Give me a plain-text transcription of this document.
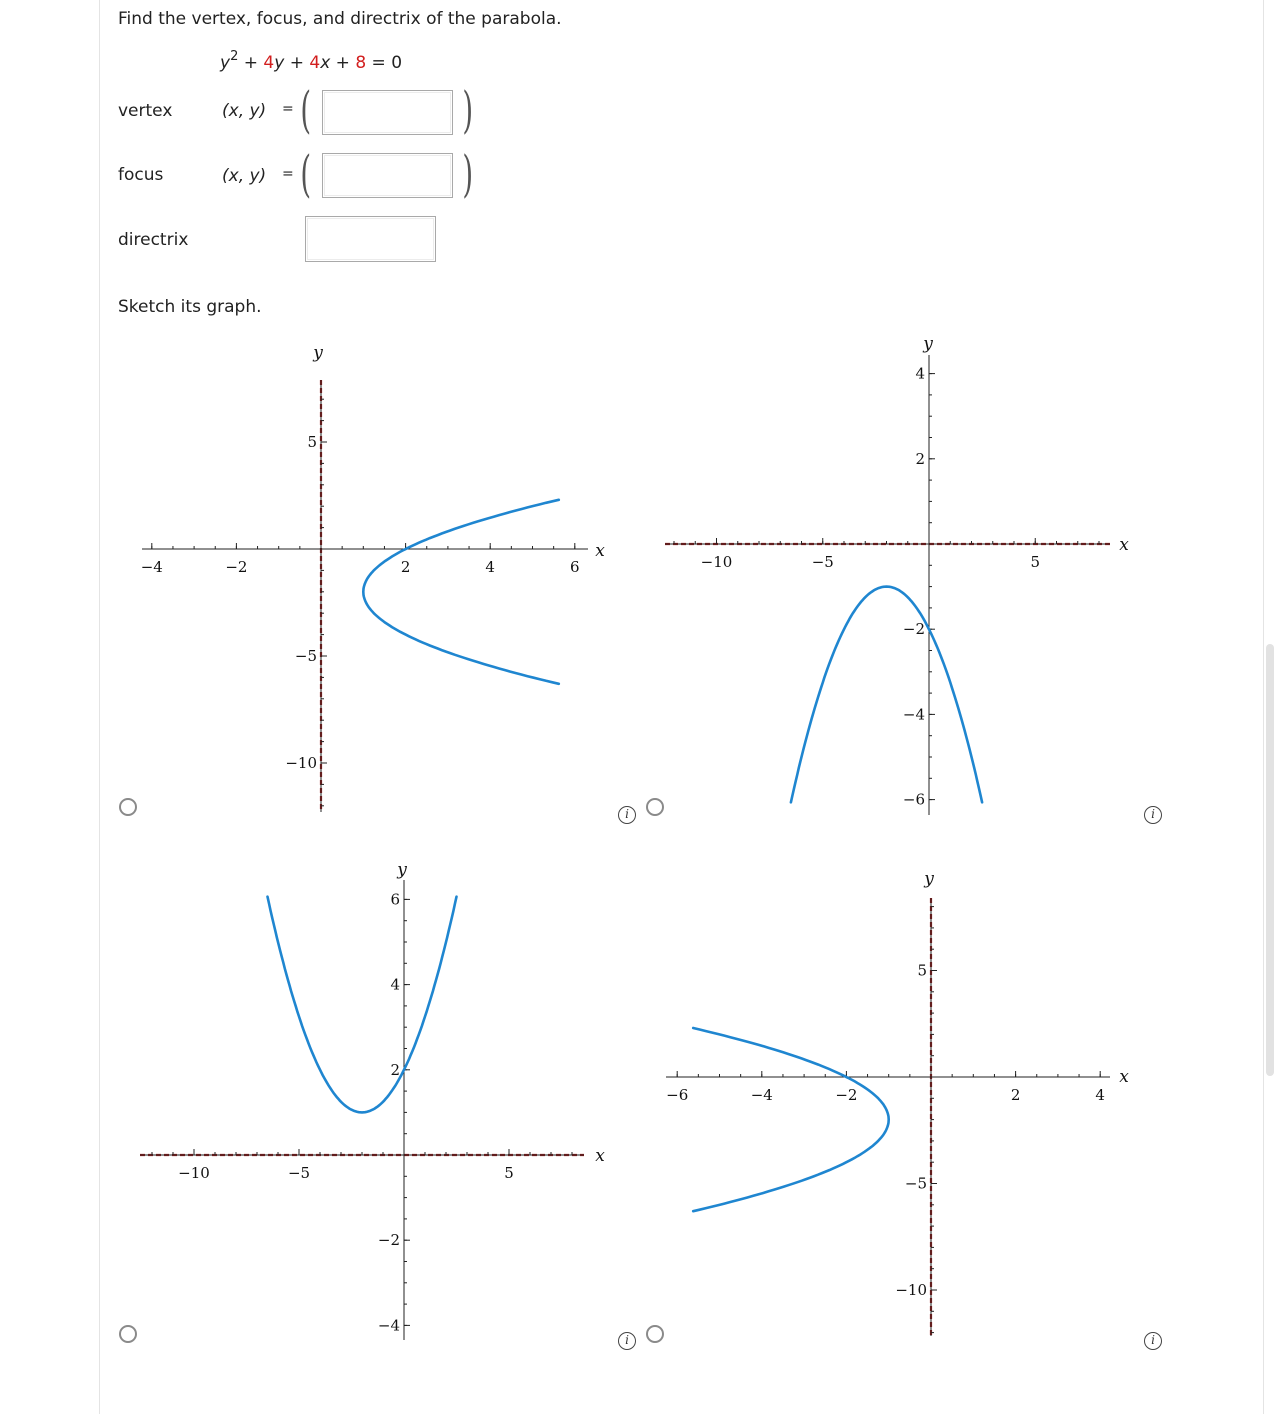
Find the vertex, focus, and directrix of the parabola.
$y^2 + 4y + 4x + 8 = 0$
vertex	(x, y) = (	)
focus	(x, y) = (	)
directrix
Sketch its graph.
−4	−2	2	4	6
5
−5
−10
x
y
−10	−5	5
4
2
−2
−4
−6
x
y
−10	−5	5
6
4
2
−2
−4
x
y
−6	−4	−2	2	4
5
−5
−10
x
y
i	i
i	i
